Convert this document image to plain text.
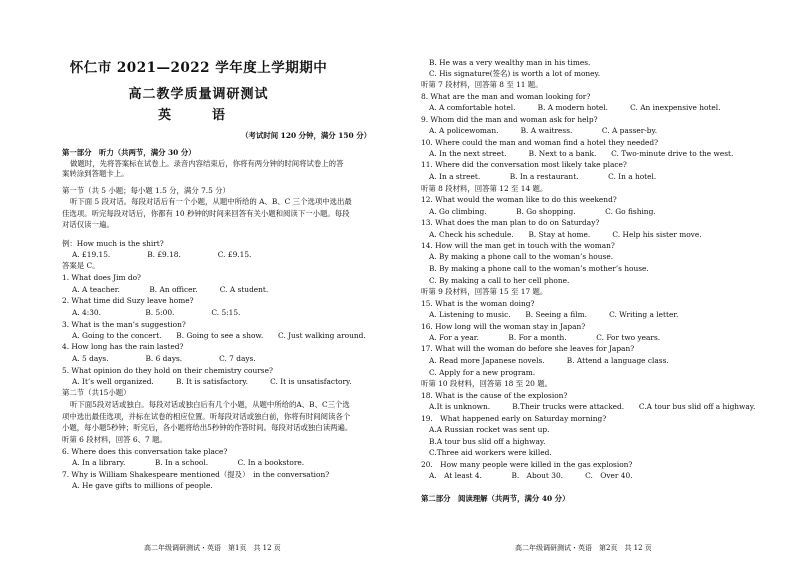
怀仁市 2021—2022 学年度上学期期中
高二教学质量调研测试
英　语
（考试时间 120 分钟，满分 150 分）
第一部分　听力（共两节，满分 30 分）
做题时，先将答案标在试卷上。录音内容结束后，你将有两分钟的时间将试卷上的答
案转涂到答题卡上。
第一节（共 5 小题；每小题 1.5 分，满分 7.5 分）
听下面 5 段对话。每段对话后有一个小题，从题中所给的 A、B、C 三个选项中选出最
佳选项。听完每段对话后，你都有 10 秒钟的时间来回答有关小题和阅读下一小题。每段
对话仅读一遍。
例：How much is the shirt?
A. £19.15.　　　　　B. £9.18.　　　　　C. £9.15.
答案是 C。
1. What does Jim do?
A. A teacher.　　　　B. An officer.　　　C. A student.
2. What time did Suzy leave home?
A. 4:30.　　　　　　B. 5:00.　　　　　C. 5:15.
3. What is the man’s suggestion?
A. Going to the concert.　　B. Going to see a show.　　C. Just walking around.
4. How long has the rain lasted?
A. 5 days.　　　　　B. 6 days.　　　　　C. 7 days.
5. What opinion do they hold on their chemistry course?
A. It’s well organized.　　　B. It is satisfactory.　　　C. It is unsatisfactory.
第二节（共15小题）
听下面5段对话或独白。每段对话或独白后有几个小题，从题中所给的A、B、C三个选
项中选出最佳选项，并标在试卷的相应位置。听每段对话或独白前，你将有时间阅读各个
小题，每小题5秒钟；听完后，各小题将给出5秒钟的作答时间。每段对话或独白读两遍。
听第 6 段材料，回答 6、7 题。
6. Where does this conversation take place?
A. In a library.　　　　B. In a school.　　　　C. In a bookstore.
7. Why is William Shakespeare mentioned（提及）　in the conversation?
A. He gave gifts to millions of people.
高二年级调研测试・英语　第1页　共 12 页
B. He was a very wealthy man in his times.
C. His signature(签名) is worth a lot of money.
听第 7 段材料，回答第 8 至 11 题。
8. What are the man and woman looking for?
A. A comfortable hotel.　　　B. A modern hotel.　　　C. An inexpensive hotel.
9. Whom did the man and woman ask for help?
A. A policewoman.　　　B. A waitress.　　　　C. A passer-by.
10. Where could the man and woman find a hotel they needed?
A. In the next street.　　　B. Next to a bank.　　C. Two-minute drive to the west.
11. Where did the conversation most likely take place?
A. In a street.　　　　B. In a restaurant.　　　　C. In a hotel.
听第 8 段材料，回答第 12 至 14 题。
12. What would the woman like to do this weekend?
A. Go climbing.　　　　B. Go shopping.　　　　C. Go fishing.
13. What does the man plan to do on Saturday?
A. Check his schedule.　　B. Stay at home.　　　C. Help his sister move.
14. How will the man get in touch with the woman?
A. By making a phone call to the woman’s house.
B. By making a phone call to the woman’s mother’s house.
C. By making a call to her cell phone.
听第 9 段材料，回答第 15 至 17 题。
15. What is the woman doing?
A. Listening to music.　　B. Seeing a film.　　　C. Writing a letter.
16. How long will the woman stay in Japan?
A. For a year.　　　　B. For a month.　　　　C. For two years.
17. What will the woman do before she leaves for Japan?
A. Read more Japanese novels.　　　B. Attend a language class.
C. Apply for a new program.
听第 10 段材料，回答第 18 至 20 题。
18. What is the cause of the explosion?
A.It is unknown.　　　B.Their trucks were attacked.　　C.A tour bus slid off a highway.
19.　What happened early on Saturday morning?
A.A Russian rocket was sent up.
B.A tour bus slid off a highway.
C.Three aid workers were killed.
20.　How many people were killed in the gas explosion?
A.　At least 4.　　　　B.　About 30.　　　C.　Over 40.
第二部分　阅读理解（共两节，满分 40 分）
高二年级调研测试・英语　第2页　共 12 页
